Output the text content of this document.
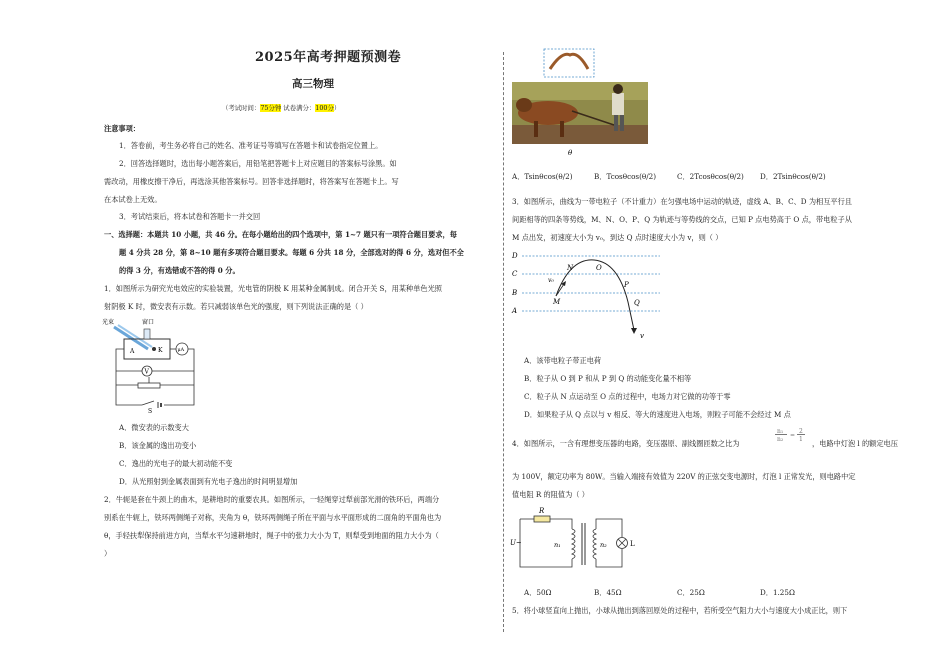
2025年高考押题预测卷
高三物理
（考试时间：75分钟 试卷满分：100分）
注意事项：
1．答卷前，考生务必将自己的姓名、准考证号等填写在答题卡和试卷指定位置上。
2．回答选择题时，选出每小题答案后，用铅笔把答题卡上对应题目的答案标号涂黑。如
需改动，用橡皮擦干净后，再选涂其他答案标号。回答非选择题时，将答案写在答题卡上。写
在本试卷上无效。
3．考试结束后，将本试卷和答题卡一并交回
一、选择题：本题共 10 小题，共 46 分。在每小题给出的四个选项中，第 1~7 题只有一项符合题目要求，每
题 4 分共 28 分，第 8~10 题有多项符合题目要求。每题 6 分共 18 分，全部选对的得 6 分，选对但不全
的得 3 分，有选错或不答的得 0 分。
1．如图所示为研究光电效应的实验装置，光电管的阴极 K 用某种金属制成。闭合开关 S，用某种单色光照
射阴极 K 时，微安表有示数。若只减弱该单色光的强度，则下列说法正确的是（ ）
光束	窗口
A	K	μA
V
S
A．微安表的示数变大
B．该金属的逸出功变小
C．逸出的光电子的最大初动能不变
D．从光照射到金属表面到有光电子逸出的时间明显增加
2．牛轭是套在牛颈上的曲木，是耕地时的重要农具。如图所示，一轻绳穿过犁前部光滑的铁环后，两端分
别系在牛轭上，铁环两侧绳子对称，夹角为 θ，铁环两侧绳子所在平面与水平面形成的二面角的平面角也为
θ，手轻扶犁保持前进方向，当犁水平匀速耕地时，绳子中的张力大小为 T，则犁受到地面的阻力大小为（
）
θ
A．Tsinθcos(θ/2)	B．Tcosθcos(θ/2)	C．2Tcosθcos(θ/2) D．2Tsinθcos(θ/2)
3．如图所示，曲线为一带电粒子（不计重力）在匀强电场中运动的轨迹，虚线 A、B、C、D 为相互平行且
间距相等的四条等势线，M、N、O、P、Q 为轨迹与等势线的交点，已知 P 点电势高于 O 点，带电粒子从
M 点出发，初速度大小为 v₀，到达 Q 点时速度大小为 v，则（ ）
D
C
B
A
N	O
P
Q
M
v₀
v
A．该带电粒子带正电荷
B．粒子从 O 到 P 和从 P 到 Q 的动能变化量不相等
C．粒子从 N 点运动至 O 点的过程中，电场力对它做的功等于零
D．如果粒子从 Q 点以与 v 相反、等大的速度进入电场，则粒子可能不会经过 M 点
4．如图所示，一含有理想变压器的电路，变压器原、副线圈匝数之比为
n₁
n₂
=
2
1 ，电路中灯泡 l 的额定电压
为 100V，额定功率为 80W。当输入端接有效值为 220V 的正弦交变电源时，灯泡 l 正常发光，则电路中定
值电阻 R 的阻值为（ ）
R
U~	n₁	n₂	L
A．50Ω	B．45Ω	C．25Ω	D．1.25Ω
5．将小球竖直向上抛出，小球从抛出到落回原处的过程中，若所受空气阻力大小与速度大小成正比，则下
